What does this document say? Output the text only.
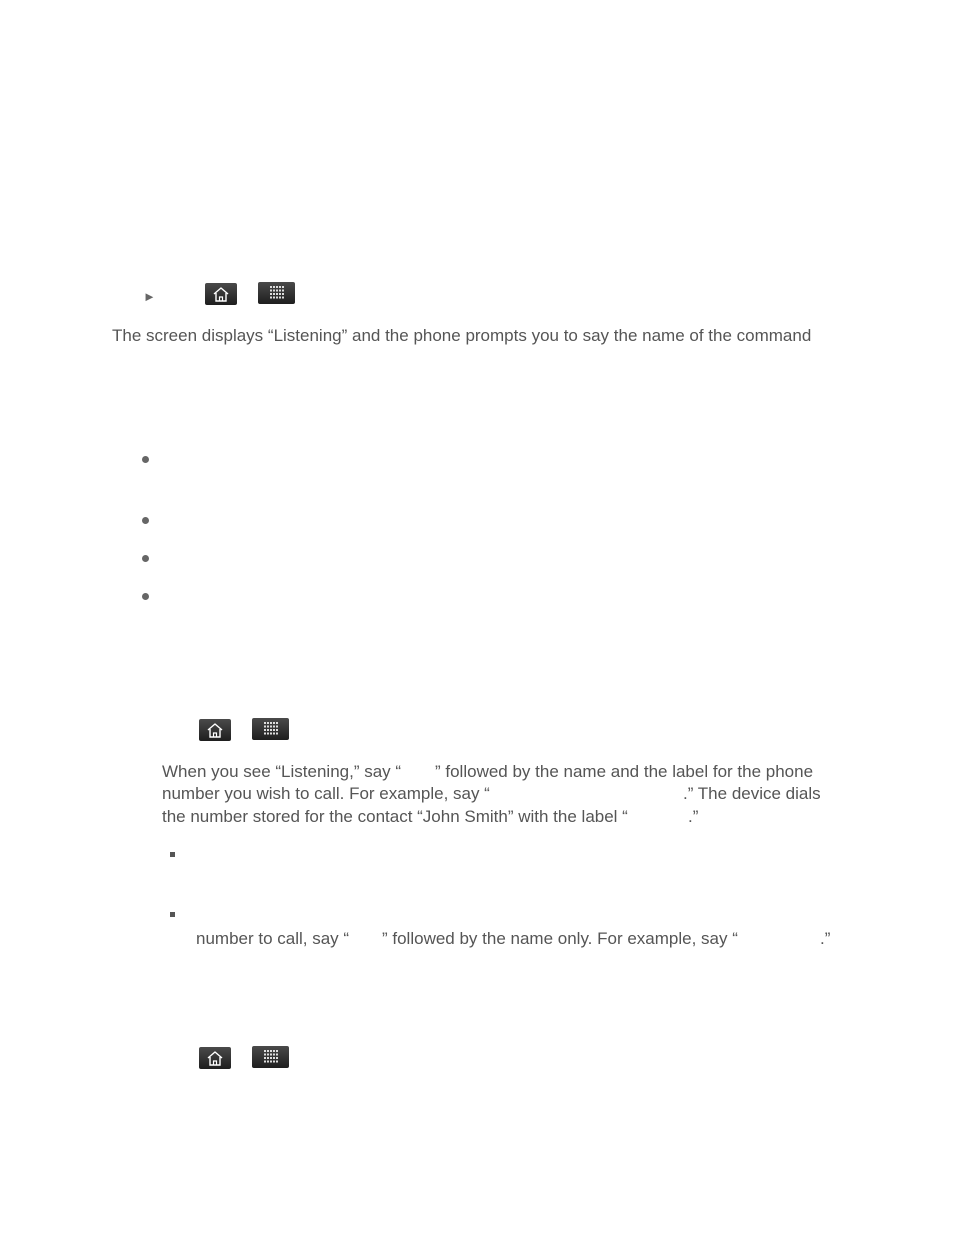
►
The screen displays “Listening” and the phone prompts you to say the name of the command
When you see “Listening,” say “ ” followed by the name and the label for the phone
number you wish to call. For example, say “	.” The device dials
the number stored for the contact “John Smith” with the label “	.”
number to call, say “ ” followed by the name only. For example, say “	.”
